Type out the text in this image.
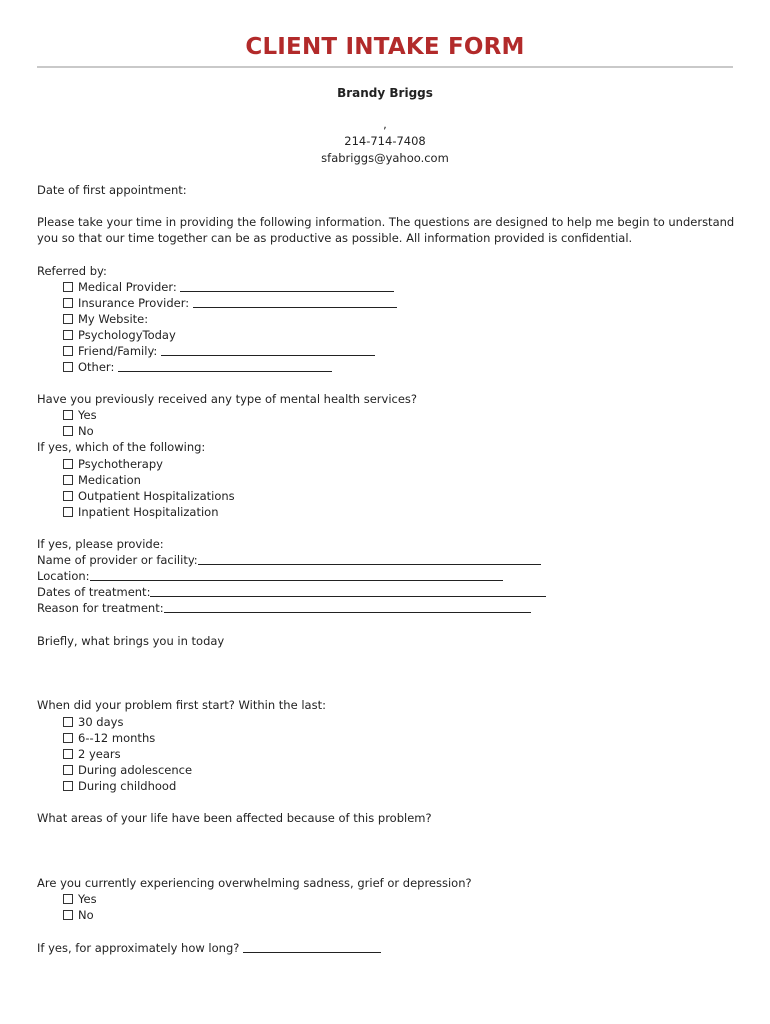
CLIENT INTAKE FORM
Brandy Briggs
,
214-714-7408
sfabriggs@yahoo.com
Date of first appointment:
Please take your time in providing the following information. The questions are designed to help me begin to understand you so that our time together can be as productive as possible. All information provided is confidential.
Referred by:
Medical Provider:
Insurance Provider:
My Website:
PsychologyToday
Friend/Family:
Other:
Have you previously received any type of mental health services?
Yes
No
If yes, which of the following:
Psychotherapy
Medication
Outpatient Hospitalizations
Inpatient Hospitalization
If yes, please provide:
Name of provider or facility:
Location:
Dates of treatment:
Reason for treatment:
Briefly, what brings you in today
When did your problem first start? Within the last:
30 days
6--12 months
2 years
During adolescence
During childhood
What areas of your life have been affected because of this problem?
Are you currently experiencing overwhelming sadness, grief or depression?
Yes
No
If yes, for approximately how long?
